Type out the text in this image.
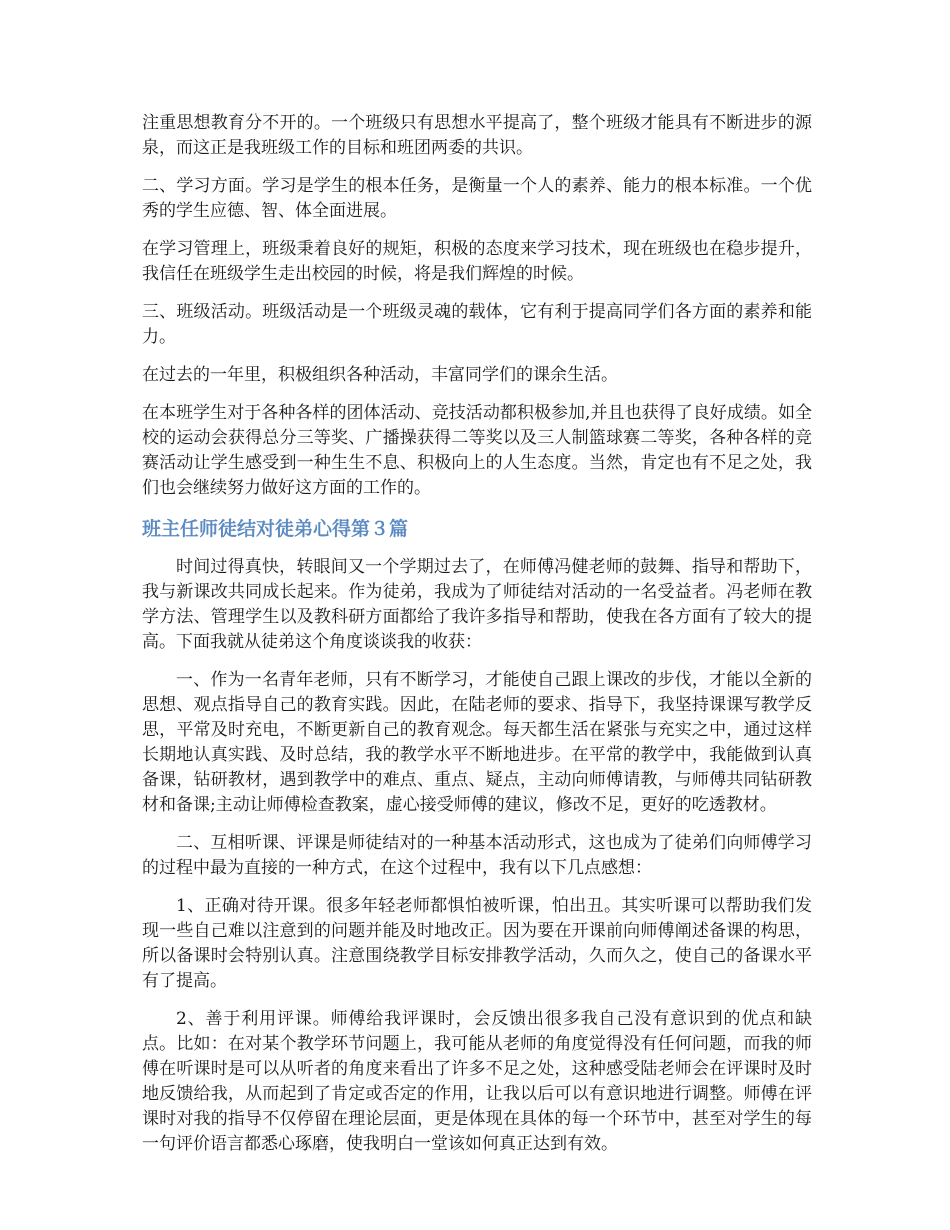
注重思想教育分不开的。一个班级只有思想水平提高了，整个班级才能具有不断进步的源泉，而这正是我班级工作的目标和班团两委的共识。

二、学习方面。学习是学生的根本任务，是衡量一个人的素养、能力的根本标准。一个优秀的学生应德、智、体全面进展。

在学习管理上，班级秉着良好的规矩，积极的态度来学习技术，现在班级也在稳步提升，我信任在班级学生走出校园的时候，将是我们辉煌的时候。

三、班级活动。班级活动是一个班级灵魂的载体，它有利于提高同学们各方面的素养和能力。

在过去的一年里，积极组织各种活动，丰富同学们的课余生活。

在本班学生对于各种各样的团体活动、竞技活动都积极参加,并且也获得了良好成绩。如全校的运动会获得总分三等奖、广播操获得二等奖以及三人制篮球赛二等奖，各种各样的竞赛活动让学生感受到一种生生不息、积极向上的人生态度。当然，肯定也有不足之处，我们也会继续努力做好这方面的工作的。

班主任师徒结对徒弟心得第３篇

时间过得真快，转眼间又一个学期过去了，在师傅冯健老师的鼓舞、指导和帮助下，我与新课改共同成长起来。作为徒弟，我成为了师徒结对活动的一名受益者。冯老师在教学方法、管理学生以及教科研方面都给了我许多指导和帮助，使我在各方面有了较大的提高。下面我就从徒弟这个角度谈谈我的收获：

一、作为一名青年老师，只有不断学习，才能使自己跟上课改的步伐，才能以全新的思想、观点指导自己的教育实践。因此，在陆老师的要求、指导下，我坚持课课写教学反思，平常及时充电，不断更新自己的教育观念。每天都生活在紧张与充实之中，通过这样长期地认真实践、及时总结，我的教学水平不断地进步。在平常的教学中，我能做到认真备课，钻研教材，遇到教学中的难点、重点、疑点，主动向师傅请教，与师傅共同钻研教材和备课;主动让师傅检查教案，虚心接受师傅的建议，修改不足，更好的吃透教材。

二、互相听课、评课是师徒结对的一种基本活动形式，这也成为了徒弟们向师傅学习的过程中最为直接的一种方式，在这个过程中，我有以下几点感想：

1、正确对待开课。很多年轻老师都惧怕被听课，怕出丑。其实听课可以帮助我们发现一些自己难以注意到的问题并能及时地改正。因为要在开课前向师傅阐述备课的构思，所以备课时会特别认真。注意围绕教学目标安排教学活动，久而久之，使自己的备课水平有了提高。

2、善于利用评课。师傅给我评课时，会反馈出很多我自己没有意识到的优点和缺点。比如：在对某个教学环节问题上，我可能从老师的角度觉得没有任何问题，而我的师傅在听课时是可以从听者的角度来看出了许多不足之处，这种感受陆老师会在评课时及时地反馈给我，从而起到了肯定或否定的作用，让我以后可以有意识地进行调整。师傅在评课时对我的指导不仅停留在理论层面，更是体现在具体的每一个环节中，甚至对学生的每一句评价语言都悉心琢磨，使我明白一堂该如何真正达到有效。
